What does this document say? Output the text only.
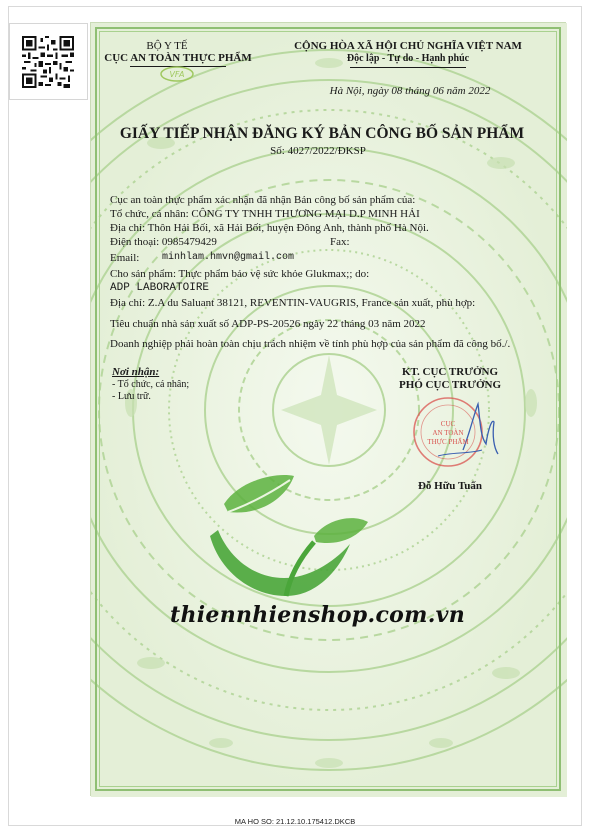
BỘ Y TẾ
CỤC AN TOÀN THỰC PHẨM
VFA
CỘNG HÒA XÃ HỘI CHỦ NGHĨA VIỆT NAM
Độc lập - Tự do - Hạnh phúc
Hà Nội, ngày 08 tháng 06 năm 2022
GIẤY TIẾP NHẬN ĐĂNG KÝ BẢN CÔNG BỐ SẢN PHẨM
Số: 4027/2022/ĐKSP
Cục an toàn thực phẩm xác nhận đã nhận Bản công bố sản phẩm của:
Tổ chức, cá nhân: CÔNG TY TNHH THƯƠNG MẠI D.P MINH HẢI
Địa chỉ: Thôn Hải Bối, xã Hải Bối, huyện Đông Anh, thành phố Hà Nội.
Điện thoại: 0985479429	Fax:
Email: minhlam.hmvn@gmail.com
Cho sản phẩm: Thực phẩm bảo vệ sức khỏe Glukmax;; do:
ADP LABORATOIRE
Địa chỉ: Z.A du Saluant 38121, REVENTIN-VAUGRIS, France sản xuất, phù hợp:
Tiêu chuẩn nhà sản xuất số ADP-PS-20526 ngày 22 tháng 03 năm 2022
Doanh nghiệp phải hoàn toàn chịu trách nhiệm về tính phù hợp của sản phẩm đã công bố./.
Nơi nhận:
- Tổ chức, cá nhân;
- Lưu trữ.
KT. CỤC TRƯỞNG
PHÓ CỤC TRƯỞNG
CỤC
AN TOÀN
THỰC PHẨM
Đỗ Hữu Tuấn
thiennhienshop.com.vn
MA HO SO: 21.12.10.175412.DKCB
